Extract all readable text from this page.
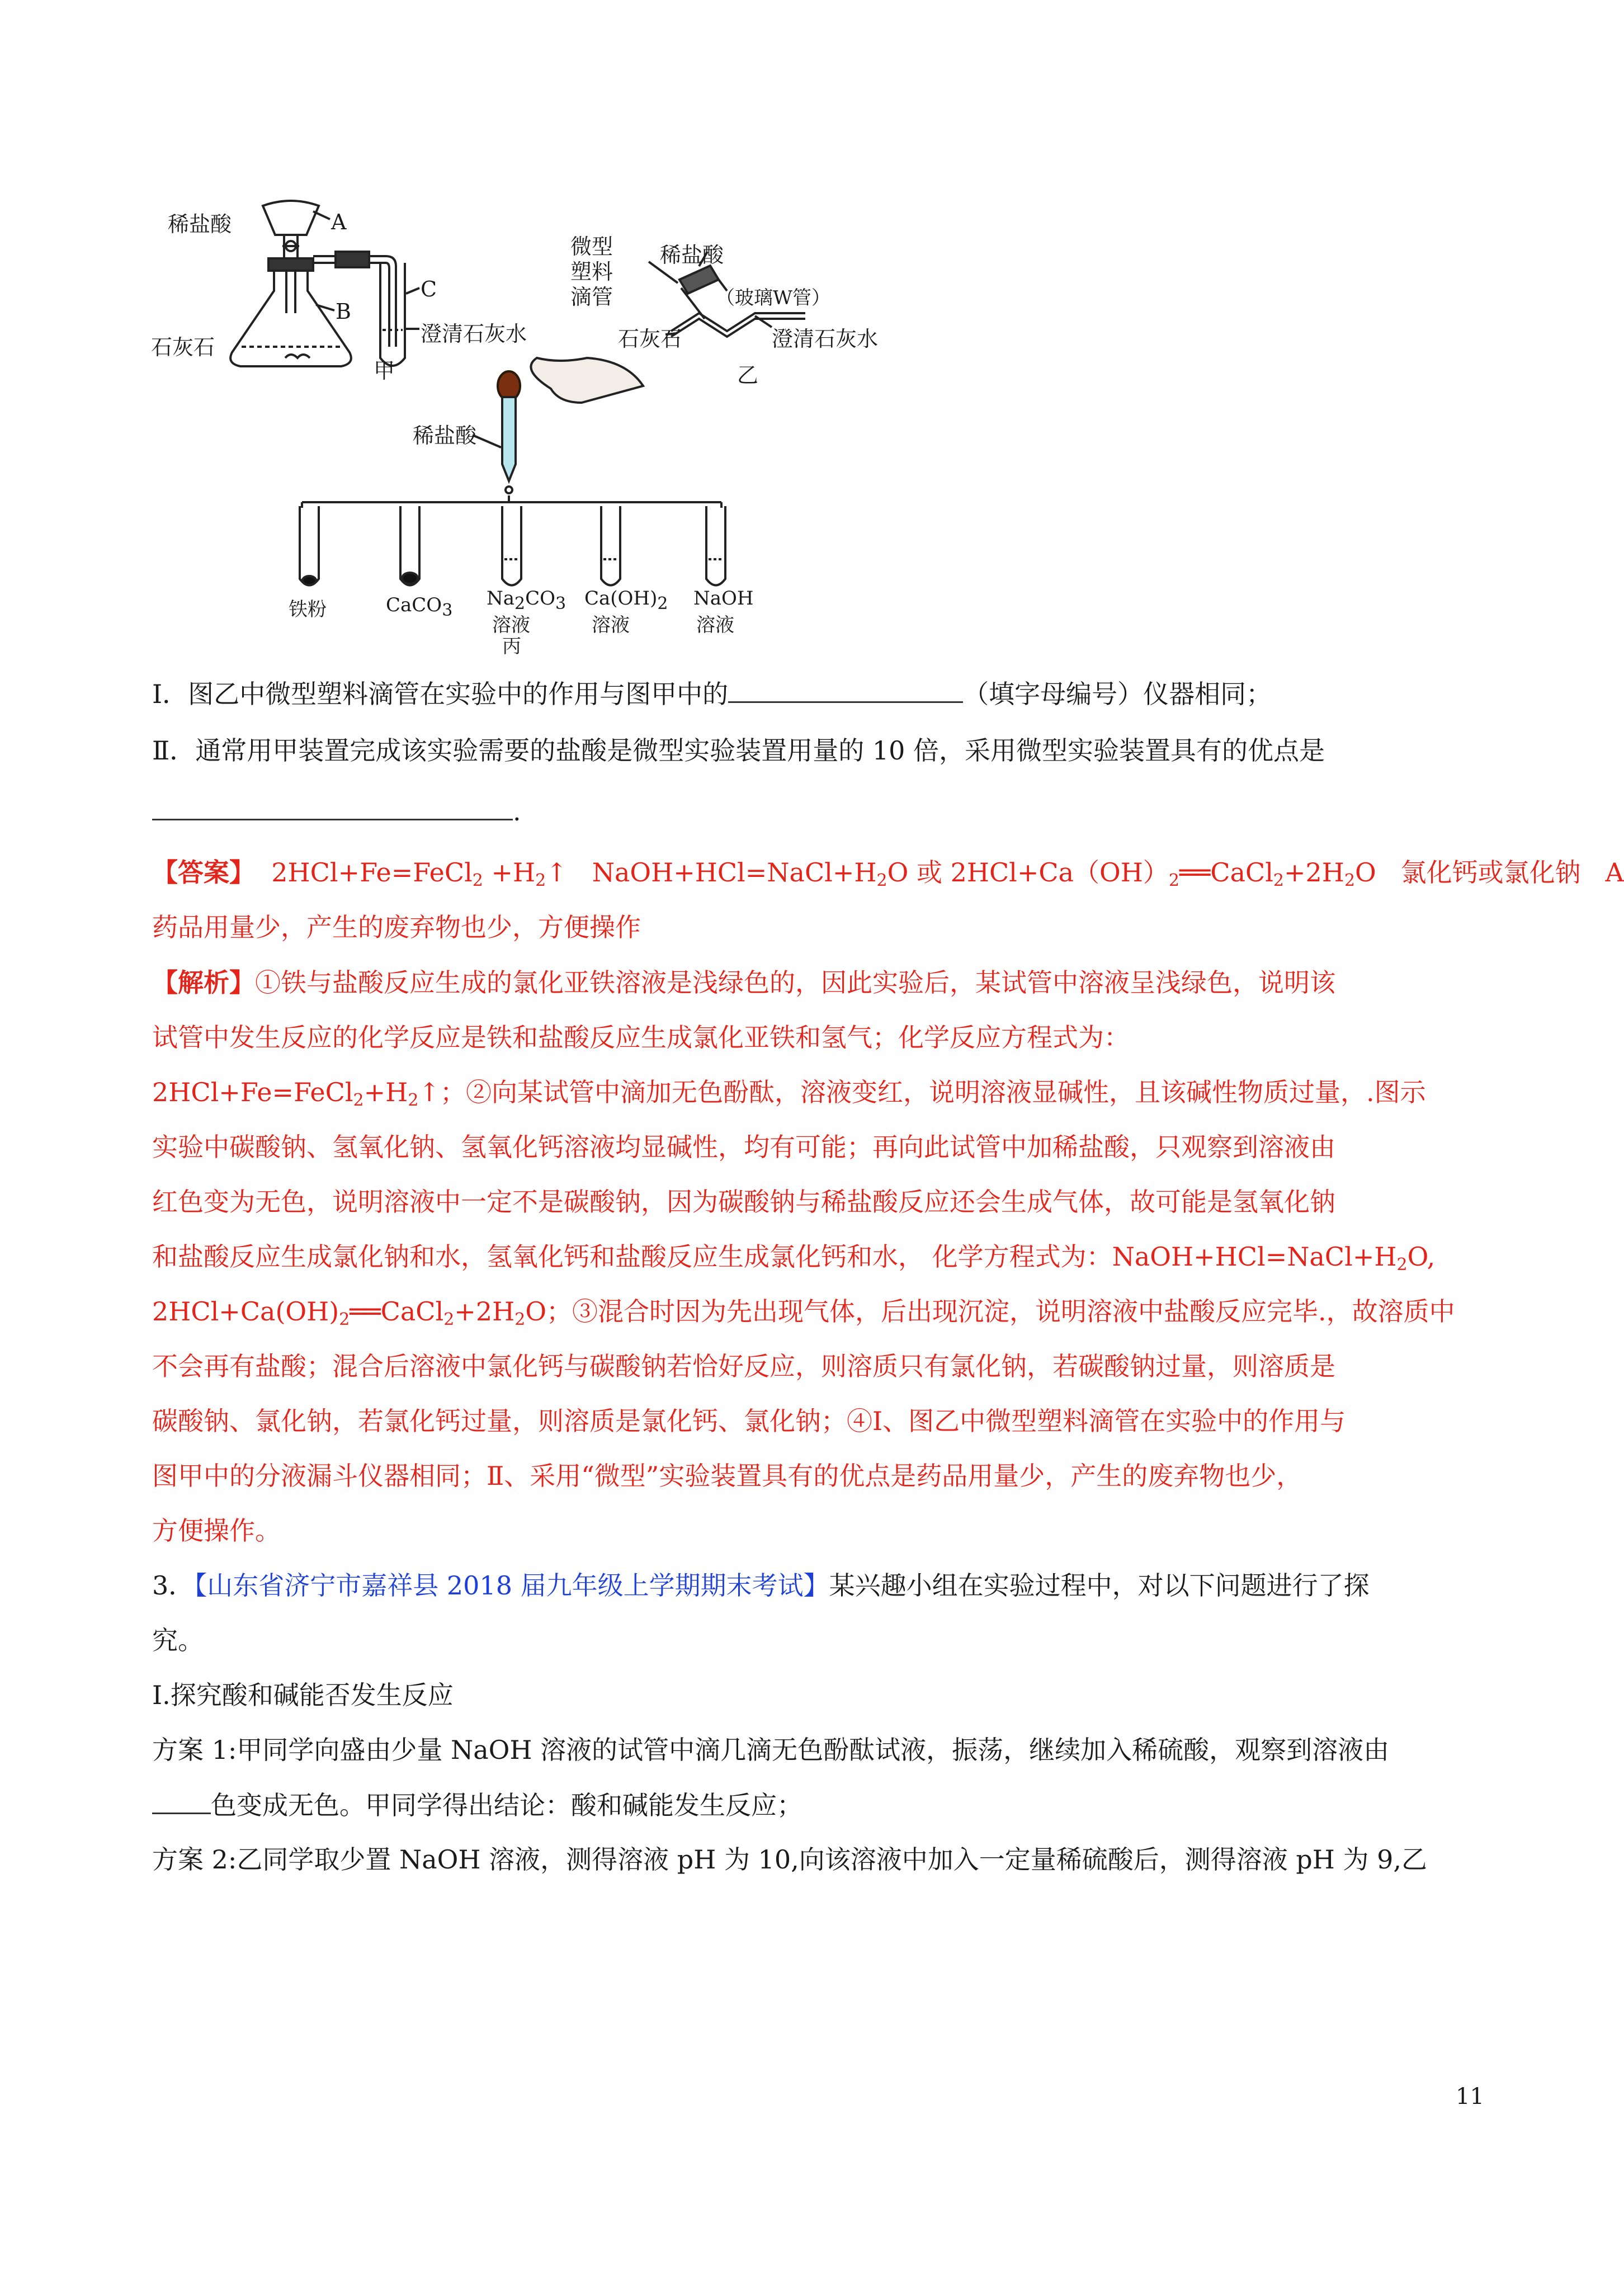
稀盐酸	A
B
C
石灰石
澄清石灰水
甲
微型
塑料
滴管
稀盐酸
（玻璃W管）
石灰石	澄清石灰水
乙
稀盐酸
铁粉	CaCO$_3$
$Na_2CO_3$
溶液
$Ca(OH)_2$
溶液
NaOH
溶液
丙
I．图乙中微型塑料滴管在实验中的作用与图甲中的	（填字母编号）仪器相同；
Ⅱ．通常用甲装置完成该实验需要的盐酸是微型实验装置用量的 10 倍，采用微型实验装置具有的优点是
.
【答案】 2HCl+Fe=FeCl$_2$ $+H_2↑$ $NaOH+HCl=NaCl+H_2O$ 或 $2HCl+Ca(OH)_2══CaCl_2+2H_2O$ 氯化钙或氯化钠 A
药品用量少，产生的废弃物也少，方便操作
【解析】①铁与盐酸反应生成的氯化亚铁溶液是浅绿色的，因此实验后，某试管中溶液呈浅绿色，说明该
试管中发生反应的化学反应是铁和盐酸反应生成氯化亚铁和氢气；化学反应方程式为：
$2HCl+Fe=FeCl_2+H_2↑$；②向某试管中滴加无色酚酞，溶液变红，说明溶液显碱性，且该碱性物质过量，.图示
实验中碳酸钠、氢氧化钠、氢氧化钙溶液均显碱性，均有可能；再向此试管中加稀盐酸，只观察到溶液由
红色变为无色，说明溶液中一定不是碳酸钠，因为碳酸钠与稀盐酸反应还会生成气体，故可能是氢氧化钠
和盐酸反应生成氯化钠和水，氢氧化钙和盐酸反应生成氯化钙和水， 化学方程式为：$NaOH+HCl=NaCl+H_2O$,
$2HCl+Ca(OH)_2══CaCl_2+2H_2O$；③混合时因为先出现气体，后出现沉淀，说明溶液中盐酸反应完毕.，故溶质中
不会再有盐酸；混合后溶液中氯化钙与碳酸钠若恰好反应，则溶质只有氯化钠，若碳酸钠过量，则溶质是
碳酸钠、氯化钠，若氯化钙过量，则溶质是氯化钙、氯化钠；④I、图乙中微型塑料滴管在实验中的作用与
图甲中的分液漏斗仪器相同；Ⅱ、采用“微型”实验装置具有的优点是药品用量少，产生的废弃物也少，
方便操作。
3．【山东省济宁市嘉祥县 2018 届九年级上学期期末考试】某兴趣小组在实验过程中，对以下问题进行了探
究。
I.探究酸和碱能否发生反应
方案 1:甲同学向盛由少量 NaOH 溶液的试管中滴几滴无色酚酞试液，振荡，继续加入稀硫酸，观察到溶液由
色变成无色。甲同学得出结论：酸和碱能发生反应；
方案 2:乙同学取少置 NaOH 溶液，测得溶液 pH 为 10,向该溶液中加入一定量稀硫酸后，测得溶液 pH 为 9,乙
11
